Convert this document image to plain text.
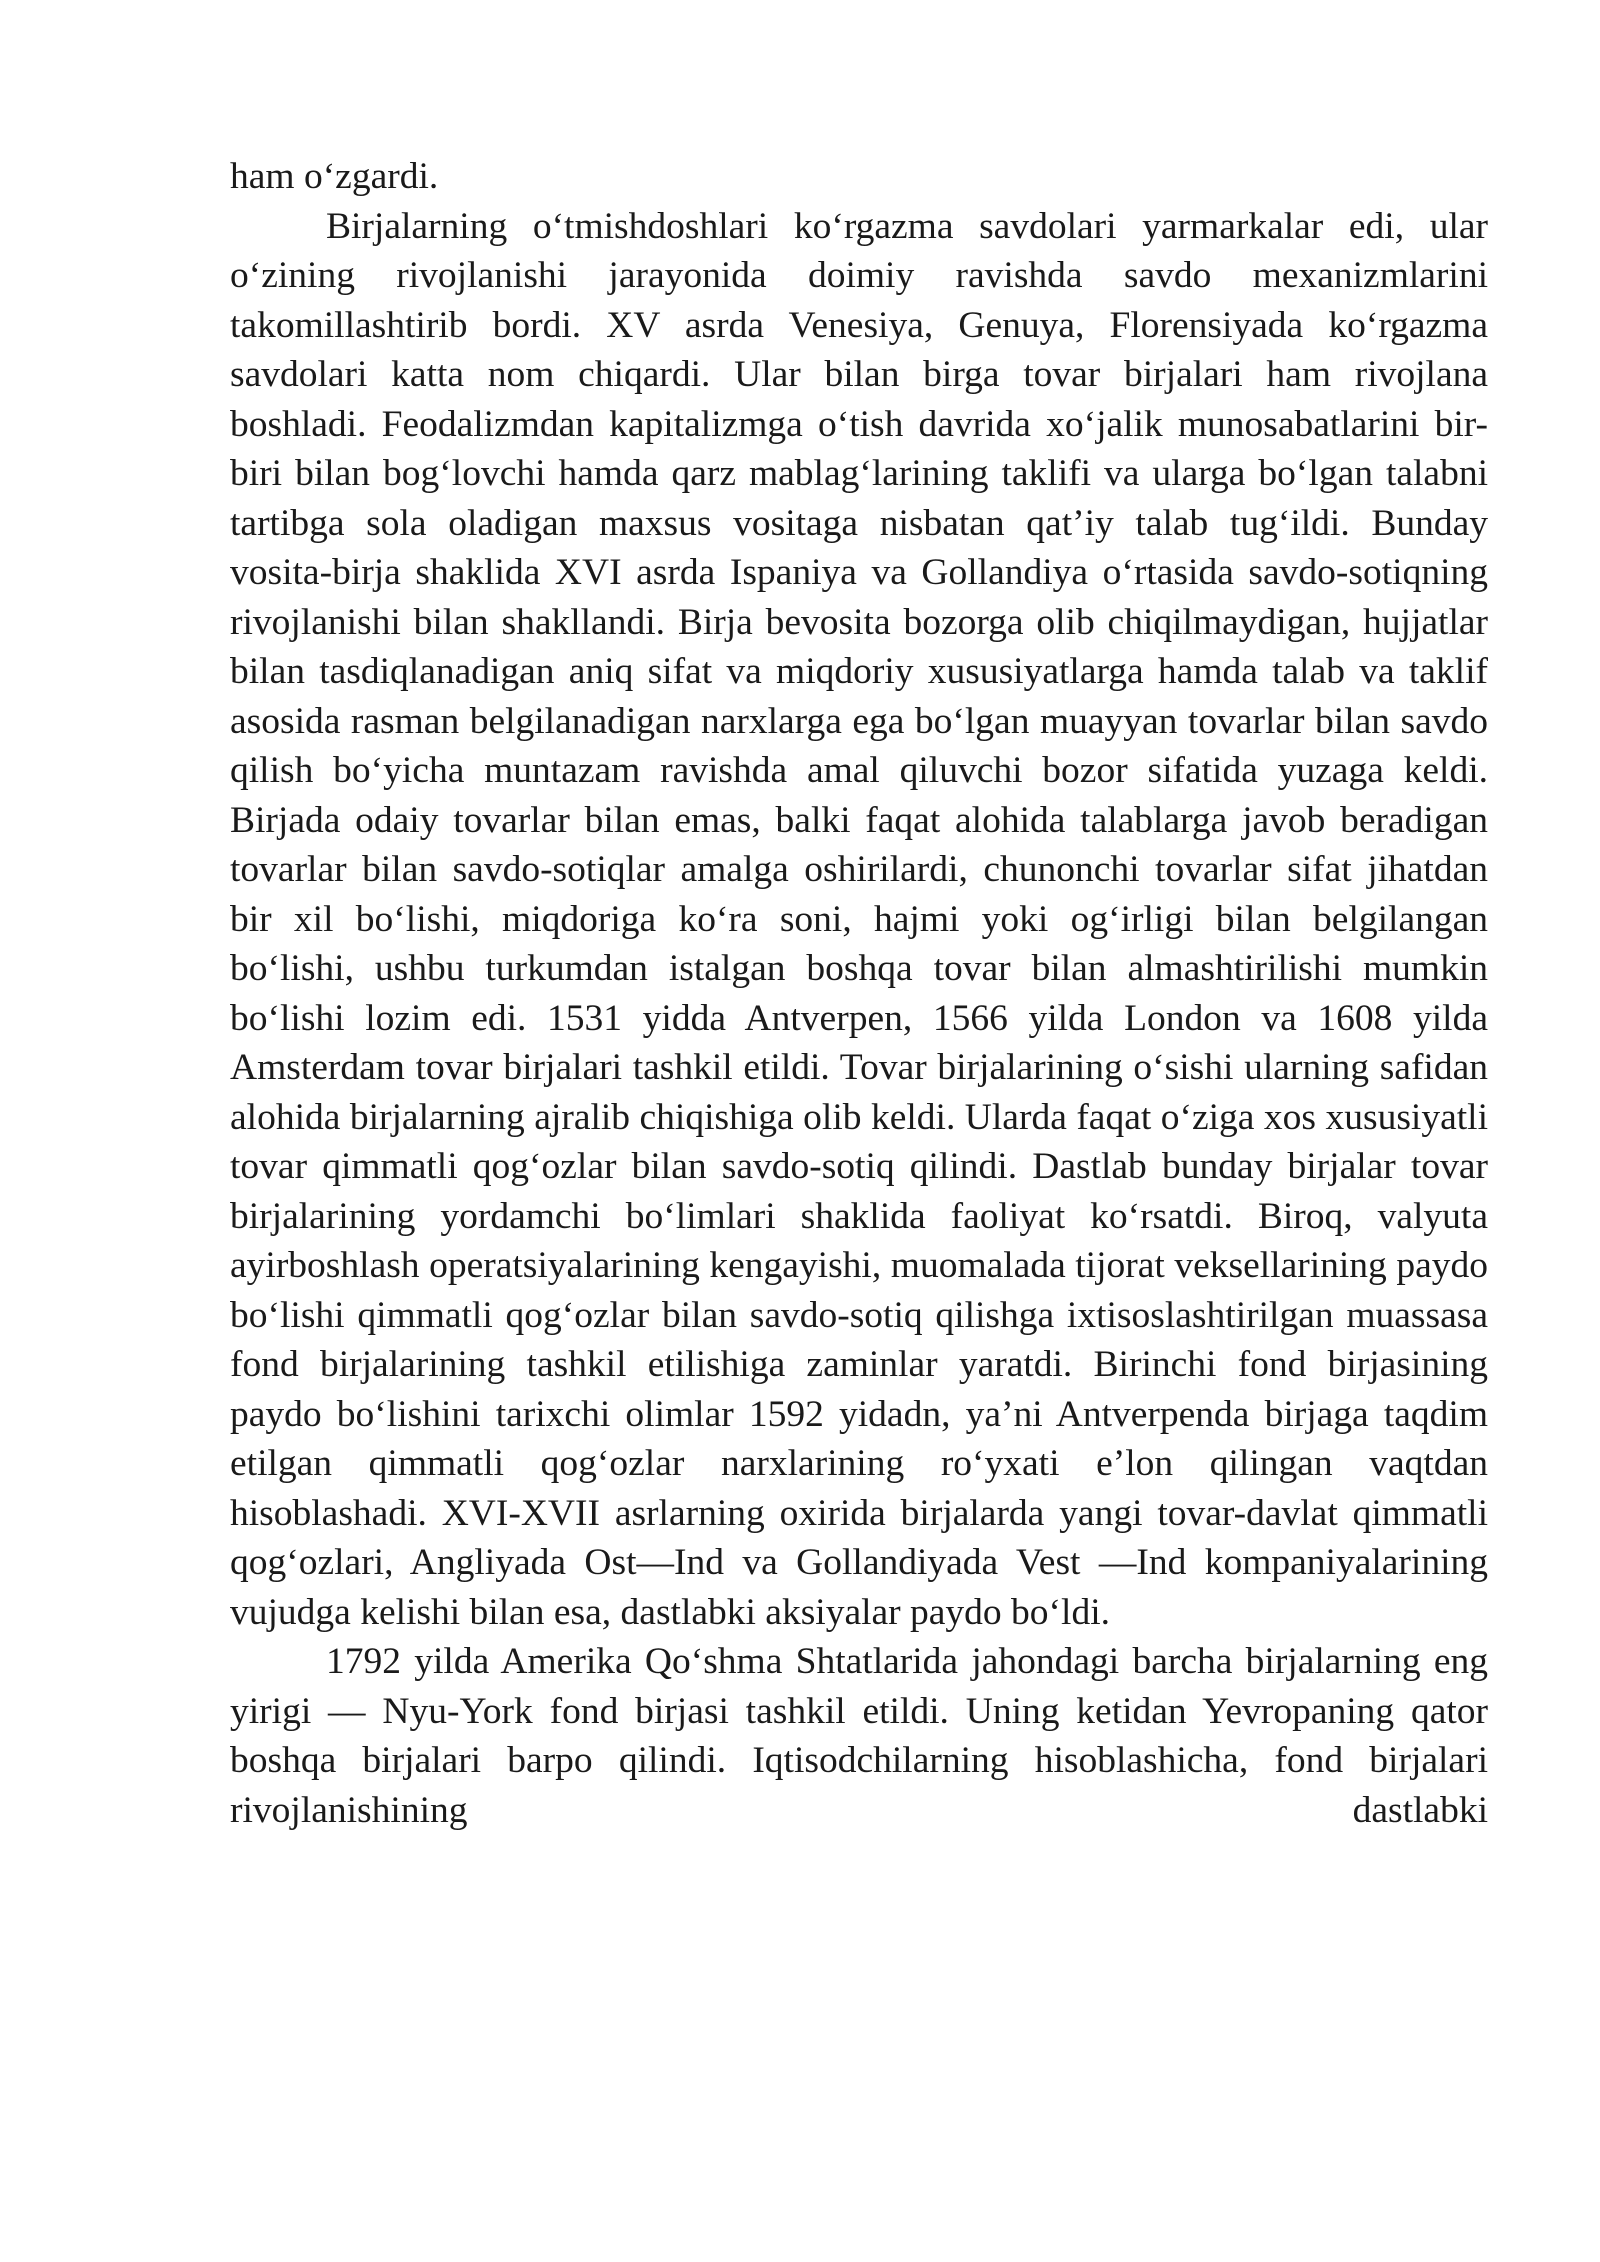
ham o‘zgardi.

Birjalarning o‘tmishdoshlari ko‘rgazma savdolari yarmarkalar edi, ular o‘zining rivojlanishi jarayonida doimiy ravishda savdo mexanizmlarini takomillashtirib bordi. XV asrda Venesiya, Genuya, Florensiyada ko‘rgazma savdolari katta nom chiqardi. Ular bilan birga tovar birjalari ham rivojlana boshladi. Feodalizmdan kapitalizmga o‘tish davrida xo‘jalik munosabatlarini bir-biri bilan bog‘lovchi hamda qarz mablag‘larining taklifi va ularga bo‘lgan talabni tartibga sola oladigan maxsus vositaga nisbatan qat’iy talab tug‘ildi. Bunday vosita-birja shaklida XVI asrda Ispaniya va Gollandiya o‘rtasida savdo-sotiqning rivojlanishi bilan shakllandi. Birja bevosita bozorga olib chiqilmaydigan, hujjatlar bilan tasdiqlanadigan aniq sifat va miqdoriy xususiyatlarga hamda talab va taklif asosida rasman belgilanadigan narxlarga ega bo‘lgan muayyan tovarlar bilan savdo qilish bo‘yicha muntazam ravishda amal qiluvchi bozor sifatida yuzaga keldi. Birjada odaiy tovarlar bilan emas, balki faqat alohida talablarga javob beradigan tovarlar bilan savdo-sotiqlar amalga oshirilardi, chunonchi tovarlar sifat jihatdan bir xil bo‘lishi, miqdoriga ko‘ra soni, hajmi yoki og‘irligi bilan belgilangan bo‘lishi, ushbu turkumdan istalgan boshqa tovar bilan almashtirilishi mumkin bo‘lishi lozim edi. 1531 yidda Antverpen, 1566 yilda London va 1608 yilda Amsterdam tovar birjalari tashkil etildi. Tovar birjalarining o‘sishi ularning safidan alohida birjalarning ajralib chiqishiga olib keldi. Ularda faqat o‘ziga xos xususiyatli tovar qimmatli qog‘ozlar bilan savdo-sotiq qilindi. Dastlab bunday birjalar tovar birjalarining yordamchi bo‘limlari shaklida faoliyat ko‘rsatdi. Biroq, valyuta ayirboshlash operatsiyalarining kengayishi, muomalada tijorat veksellarining paydo bo‘lishi qimmatli qog‘ozlar bilan savdo-sotiq qilishga ixtisoslashtirilgan muassasa fond birjalarining tashkil etilishiga zaminlar yaratdi. Birinchi fond birjasining paydo bo‘lishini tarixchi olimlar 1592 yidadn, ya’ni Antverpenda birjaga taqdim etilgan qimmatli qog‘ozlar narxlarining ro‘yxati e’lon qilingan vaqtdan hisoblashadi. XVI-XVII asrlarning oxirida birjalarda yangi tovar-davlat qimmatli qog‘ozlari, Angliyada Ost—Ind va Gollandiyada Vest —Ind kompaniyalarining vujudga kelishi bilan esa, dastlabki aksiyalar paydo bo‘ldi.

1792 yilda Amerika Qo‘shma Shtatlarida jahondagi barcha birjalarning eng yirigi — Nyu-York fond birjasi tashkil etildi. Uning ketidan Yevropaning qator boshqa birjalari barpo qilindi. Iqtisodchilarning hisoblashicha, fond birjalari rivojlanishining dastlabki
